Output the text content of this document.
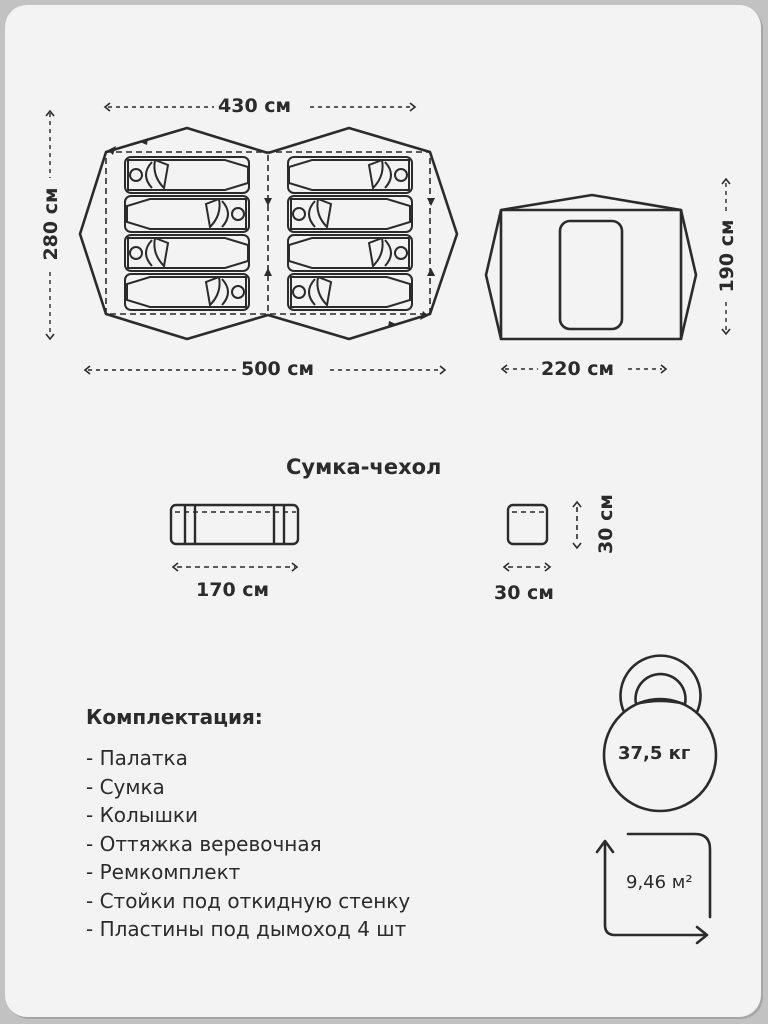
430 см
500 см
280 см
220 см
190 см
Сумка-чехол
170 см	30 см
30 см
Комплектация:
- Палатка
- Сумка
- Колышки
- Оттяжка веревочная
- Ремкомплект
- Стойки под откидную стенку
- Пластины под дымоход 4 шт
37,5 кг
9,46 м²
